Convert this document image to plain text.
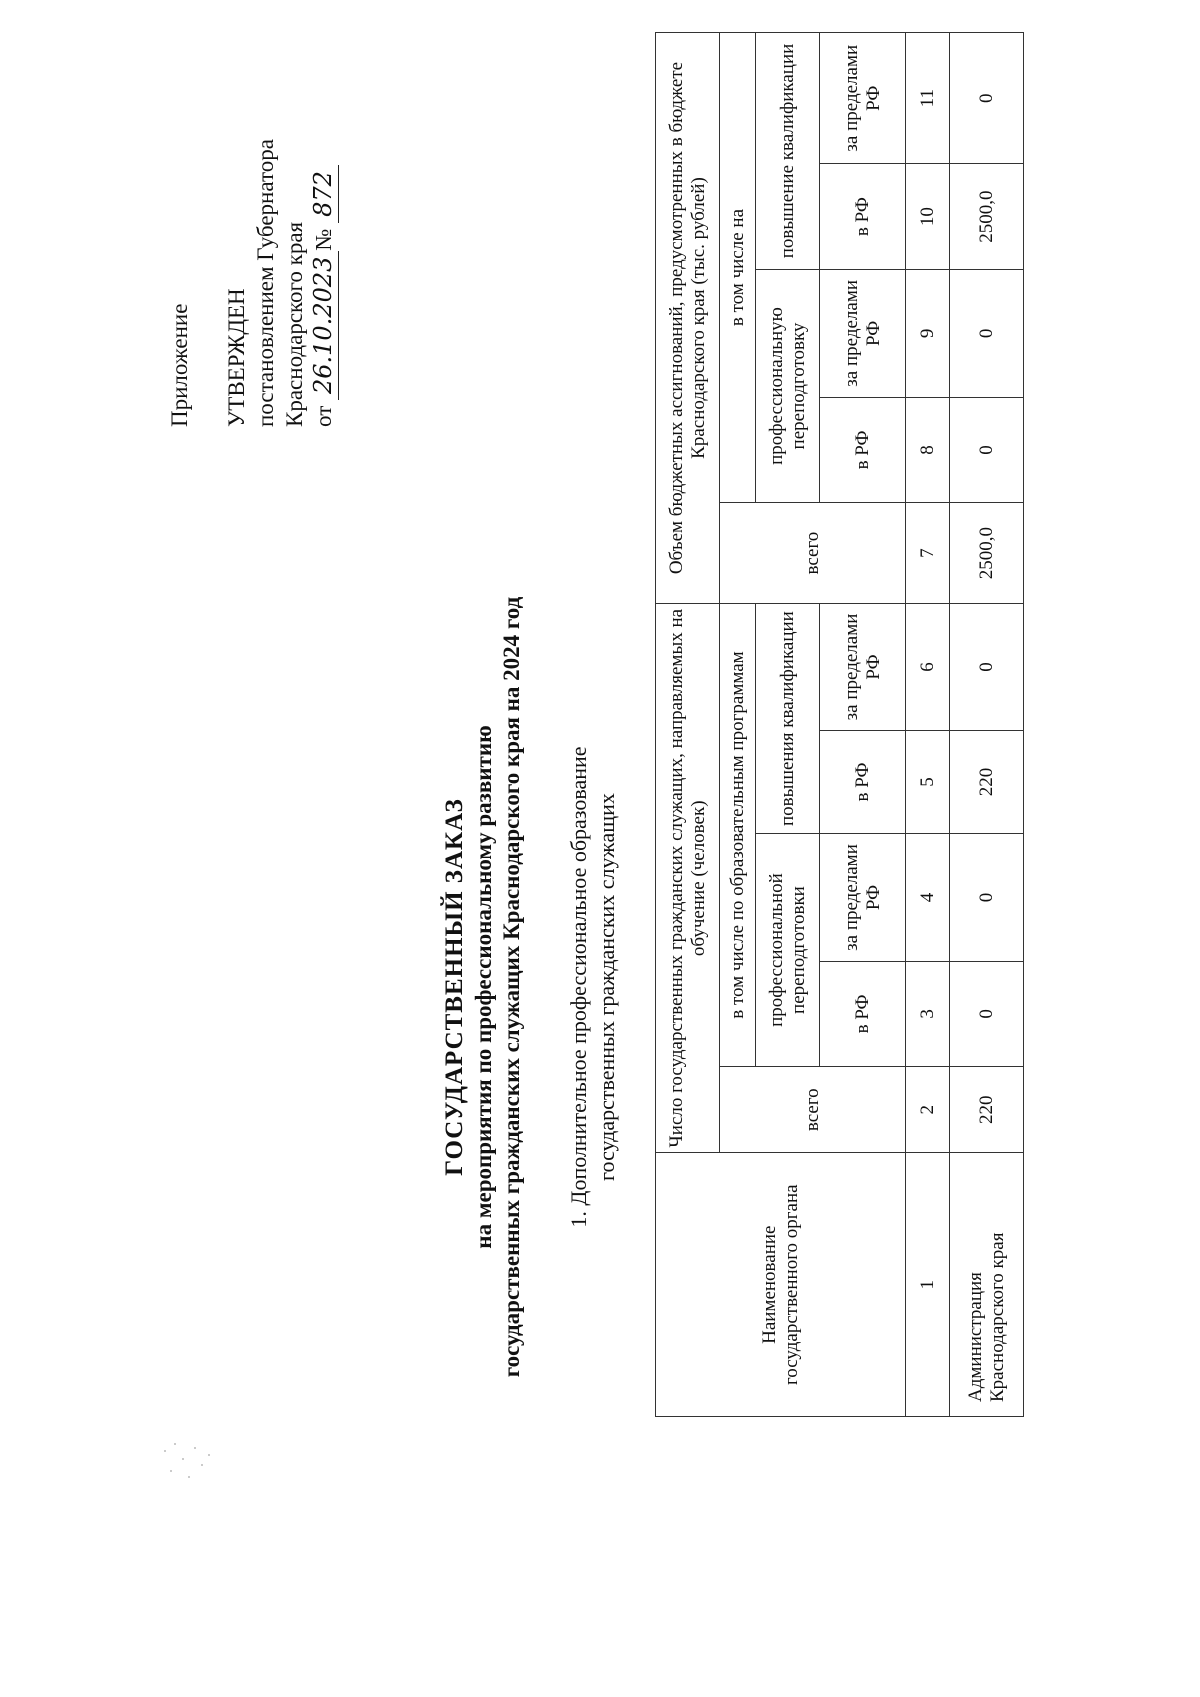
Приложение УТВЕРЖДЕН постановлением Губернатора Краснодарского края от 26.10.2023№ 872
ГОСУДАРСТВЕННЫЙ ЗАКАЗ на мероприятия по профессиональному развитию государственных гражданских служащих Краснодарского края на 2024 год 1. Дополнительное профессиональное образование государственных гражданских служащих
Наименование государственного органа	Число государственных гражданских служащих, направляемых на обучение (человек)					Объем бюджетных ассигнований, предусмотренных в бюджете Краснодарского края (тыс. рублей)				
	всего	в том числе по образовательным программам				всего	в том числе на			
		профессиональной переподготовки		повышения квалификации			профессиональную переподготовку		повышение квалификации	
		в РФ	за пределами РФ	в РФ	за пределами РФ		в РФ	за пределами РФ	в РФ	за пределами РФ
1	2	3	4	5	6	7	8	9	10	11
Администрация Краснодарского края	220	0	0	220	0	2500,0	0	0	2500,0	0
